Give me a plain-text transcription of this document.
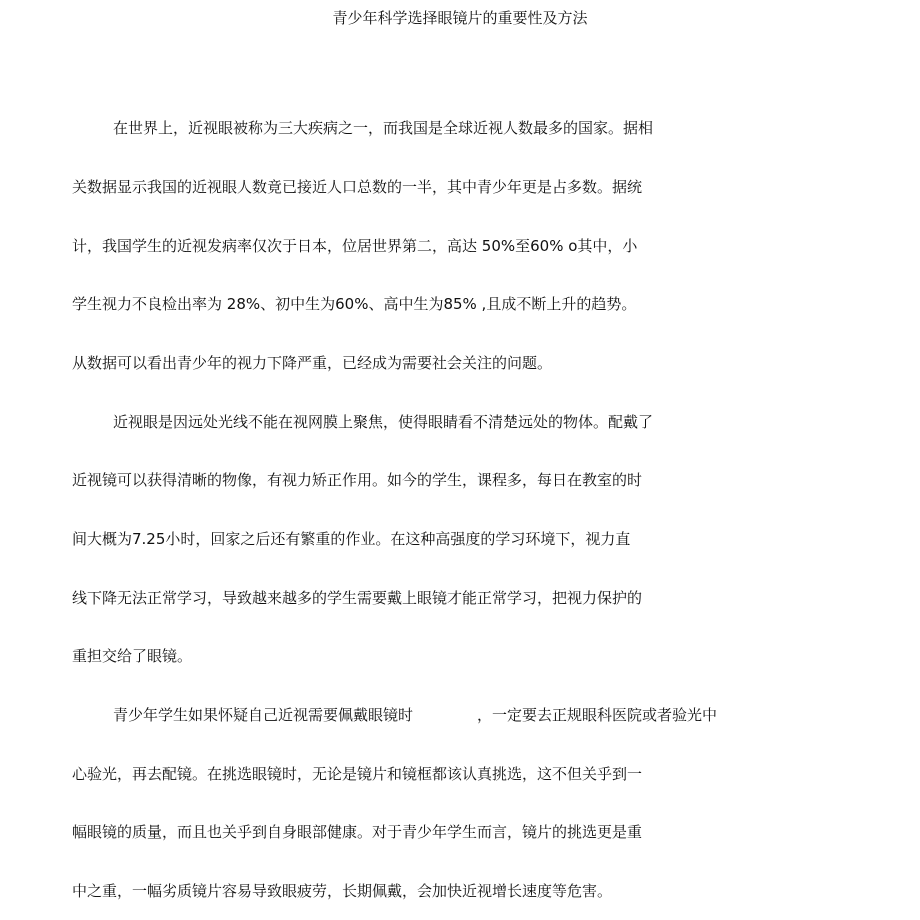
青少年科学选择眼镜片的重要性及方法
在世界上，近视眼被称为三大疾病之一，而我国是全球近视人数最多的国家。据相
关数据显示我国的近视眼人数竟已接近人口总数的一半，其中青少年更是占多数。据统
计，我国学生的近视发病率仅次于日本，位居世界第二，高达 50%至60% o其中，小
学生视力不良检出率为 28%、初中生为60%、高中生为85% ,且成不断上升的趋势。
从数据可以看出青少年的视力下降严重，已经成为需要社会关注的问题。
近视眼是因远处光线不能在视网膜上聚焦，使得眼睛看不清楚远处的物体。配戴了
近视镜可以获得清晰的物像，有视力矫正作用。如今的学生，课程多，每日在教室的时
间大概为7.25小时，回家之后还有繁重的作业。在这种高强度的学习环境下，视力直
线下降无法正常学习，导致越来越多的学生需要戴上眼镜才能正常学习，把视力保护的
重担交给了眼镜。
青少年学生如果怀疑自己近视需要佩戴眼镜时	，一定要去正规眼科医院或者验光中
心验光，再去配镜。在挑选眼镜时，无论是镜片和镜框都该认真挑选，这不但关乎到一
幅眼镜的质量，而且也关乎到自身眼部健康。对于青少年学生而言，镜片的挑选更是重
中之重，一幅劣质镜片容易导致眼疲劳，长期佩戴，会加快近视增长速度等危害。
